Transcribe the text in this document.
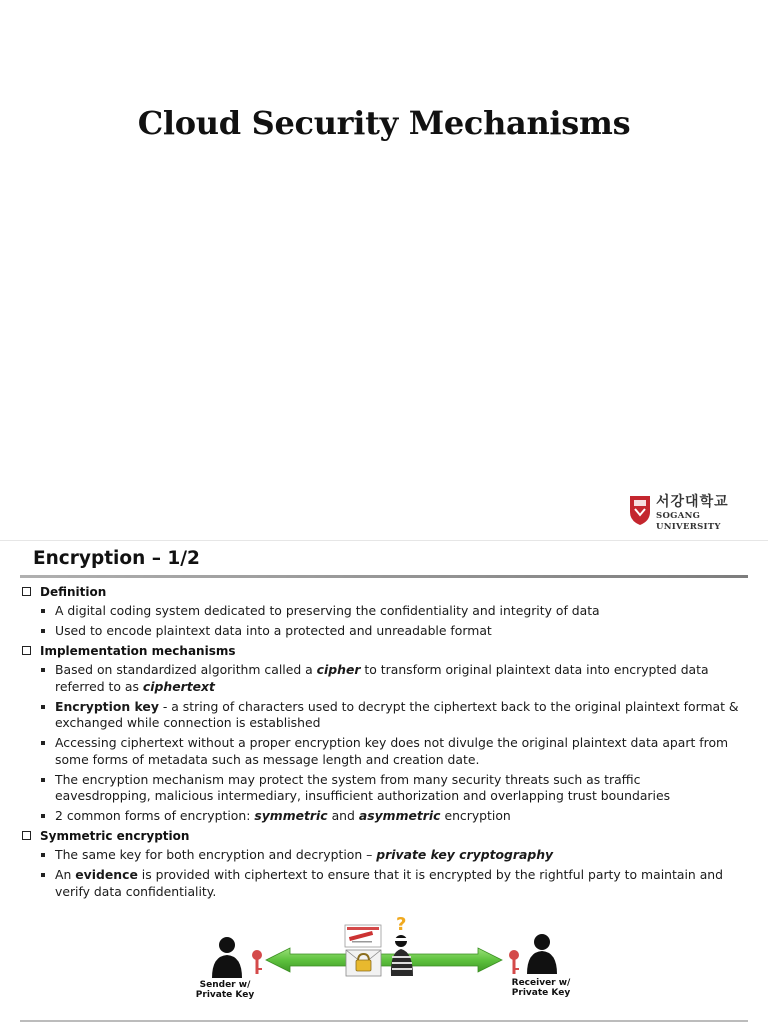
Cloud Security Mechanisms
서강대학교
SOGANG UNIVERSITY
Encryption – 1/2
Definition
A digital coding system dedicated to preserving the confidentiality and integrity of data
Used to encode plaintext data into a protected and unreadable format
Implementation mechanisms
Based on standardized algorithm called a cipher to transform original plaintext data into encrypted data referred to as ciphertext
Encryption key - a string of characters used to decrypt the ciphertext back to the original plaintext format & exchanged while connection is established
Accessing ciphertext without a proper encryption key does not divulge the original plaintext data apart from some forms of metadata such as message length and creation date.
The encryption mechanism may protect the system from many security threats such as traffic eavesdropping, malicious intermediary, insufficient authorization and overlapping trust boundaries
2 common forms of encryption: symmetric and asymmetric encryption
Symmetric encryption
The same key for both encryption and decryption – private key cryptography
An evidence is provided with ciphertext to ensure that it is encrypted by the rightful party to maintain and verify data confidentiality.
?
Sender w/
Private Key
Receiver w/
Private Key
